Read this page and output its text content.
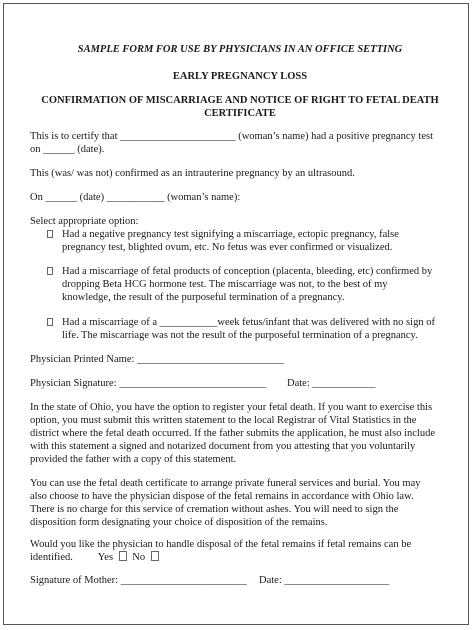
SAMPLE FORM FOR USE BY PHYSICIANS IN AN OFFICE SETTING
EARLY PREGNANCY LOSS
CONFIRMATION OF MISCARRIAGE AND NOTICE OF RIGHT TO FETAL DEATH
CERTIFICATE
This is to certify that ______________________ (woman’s name) had a positive pregnancy test
on ______ (date).
This (was/ was not) confirmed as an intrauterine pregnancy by an ultrasound.
On ______ (date) ___________ (woman’s name):
Select appropriate option:
Had a negative pregnancy test signifying a miscarriage, ectopic pregnancy, false
pregnancy test, blighted ovum, etc. No fetus was ever confirmed or visualized.
Had a miscarriage of fetal products of conception (placenta, bleeding, etc) confirmed by
dropping Beta HCG hormone test. The miscarriage was not, to the best of my
knowledge, the result of the purposeful termination of a pregnancy.
Had a miscarriage of a ___________week fetus/infant that was delivered with no sign of
life. The miscarriage was not the result of the purposeful termination of a pregnancy.
Physician Printed Name: ____________________________
Physician Signature: ____________________________	Date: ____________
In the state of Ohio, you have the option to register your fetal death. If you want to exercise this
option, you must submit this written statement to the local Registrar of Vital Statistics in the
district where the fetal death occurred. If the father submits the application, he must also include
with this statement a signed and notarized document from you attesting that you voluntarily
provided the father with a copy of this statement.
You can use the fetal death certificate to arrange private funeral services and burial. You may
also choose to have the physician dispose of the fetal remains in accordance with Ohio law.
There is no charge for this service of cremation without ashes. You will need to sign the
disposition form designating your choice of disposition of the remains.
Would you like the physician to handle disposal of the fetal remains if fetal remains can be
identified. Yes No
Signature of Mother: ________________________	Date: ____________________
